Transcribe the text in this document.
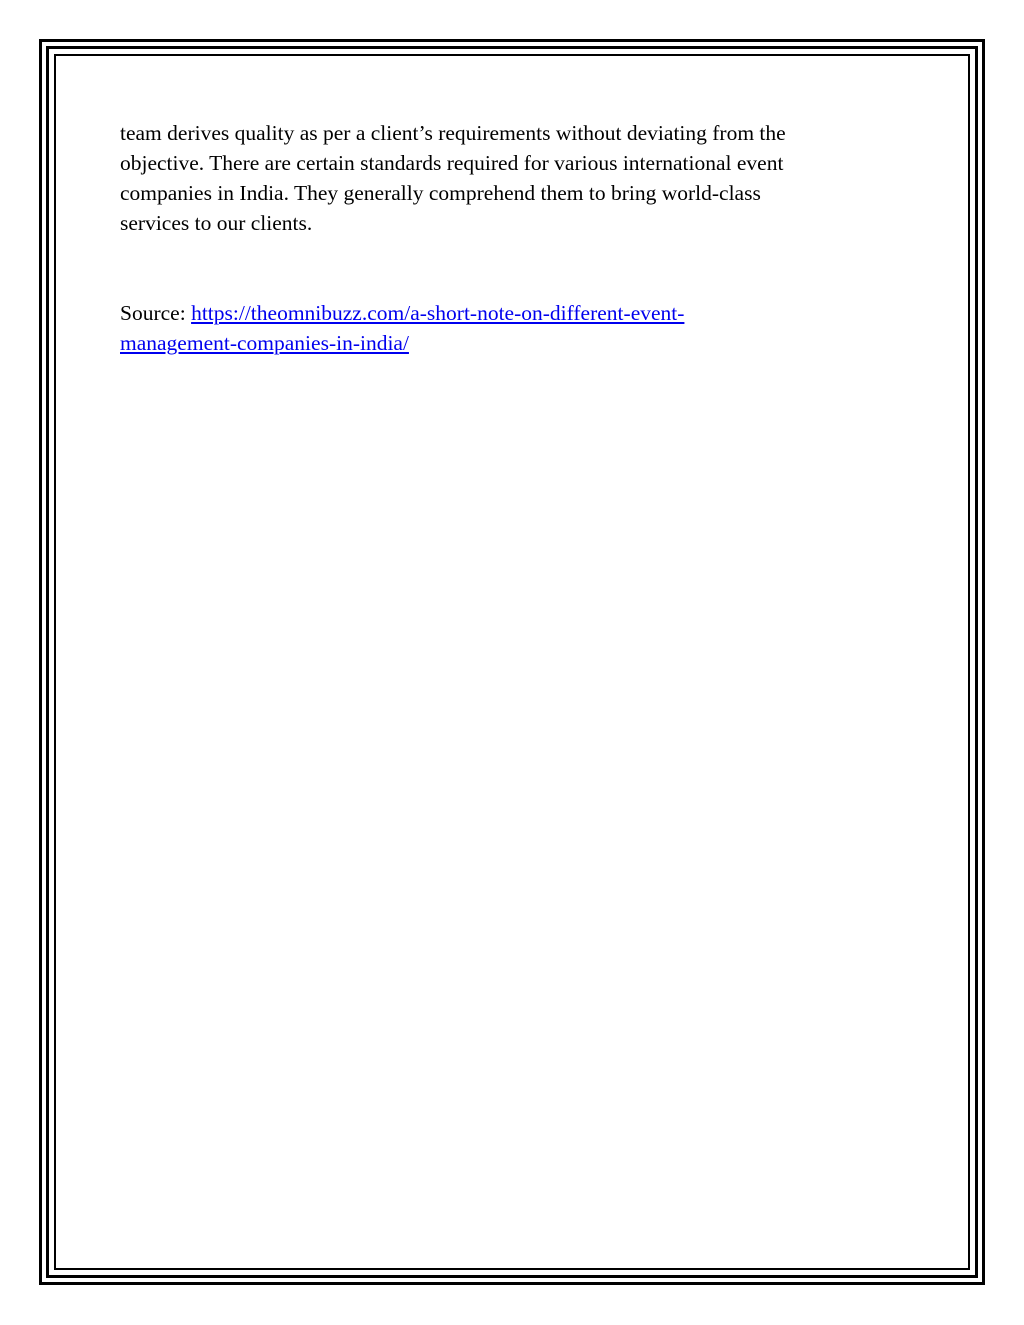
team derives quality as per a client’s requirements without deviating from the
objective. There are certain standards required for various international event
companies in India. They generally comprehend them to bring world-class
services to our clients.

Source: https://theomnibuzz.com/a-short-note-on-different-event-
management-companies-in-india/
